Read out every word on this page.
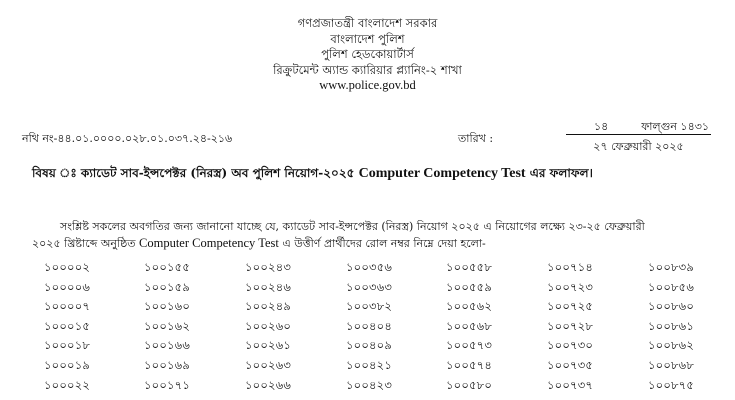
গণপ্রজাতন্ত্রী বাংলাদেশ সরকার
বাংলাদেশ পুলিশ
পুলিশ হেডকোয়ার্টার্স
রিক্রুটমেন্ট অ্যান্ড ক্যারিয়ার প্ল্যানিং-২ শাখা
www.police.gov.bd
নথি নং-৪৪.০১.০০০০.০২৮.০১.০৩৭.২৪-২১৬	তারিখ :
১৪	ফাল্গুন ১৪৩১
২৭ ফেব্রুয়ারী ২০২৫
বিষয় ঃ ক্যাডেট সাব-ইন্সপেক্টর (নিরস্ত্র) অব পুলিশ নিয়োগ-২০২৫ Computer Competency Test এর ফলাফল।
সংশ্লিষ্ট সকলের অবগতির জন্য জানানো যাচ্ছে যে, ক্যাডেট সাব-ইন্সপেক্টর (নিরস্ত্র) নিয়োগ ২০২৫ এ নিয়োগের লক্ষ্যে ২৩-২৫ ফেব্রুয়ারী
২০২৫ খ্রিষ্টাব্দে অনুষ্ঠিত Computer Competency Test এ উত্তীর্ণ প্রার্থীদের রোল নম্বর নিম্নে দেয়া হলো-
১০০০০২	১০০১৫৫	১০০২৪৩	১০০৩৫৬	১০০৫৫৮	১০০৭১৪	১০০৮৩৯
১০০০০৬	১০০১৫৯	১০০২৪৬	১০০৩৬৩	১০০৫৫৯	১০০৭২৩	১০০৮৫৬
১০০০০৭	১০০১৬০	১০০২৪৯	১০০৩৮২	১০০৫৬২	১০০৭২৫	১০০৮৬০
১০০০১৫	১০০১৬২	১০০২৬০	১০০৪০৪	১০০৫৬৮	১০০৭২৮	১০০৮৬১
১০০০১৮	১০০১৬৬	১০০২৬১	১০০৪০৯	১০০৫৭৩	১০০৭৩০	১০০৮৬২
১০০০১৯	১০০১৬৯	১০০২৬৩	১০০৪২১	১০০৫৭৪	১০০৭৩৫	১০০৮৬৮
১০০০২২	১০০১৭১	১০০২৬৬	১০০৪২৩	১০০৫৮০	১০০৭৩৭	১০০৮৭৫
